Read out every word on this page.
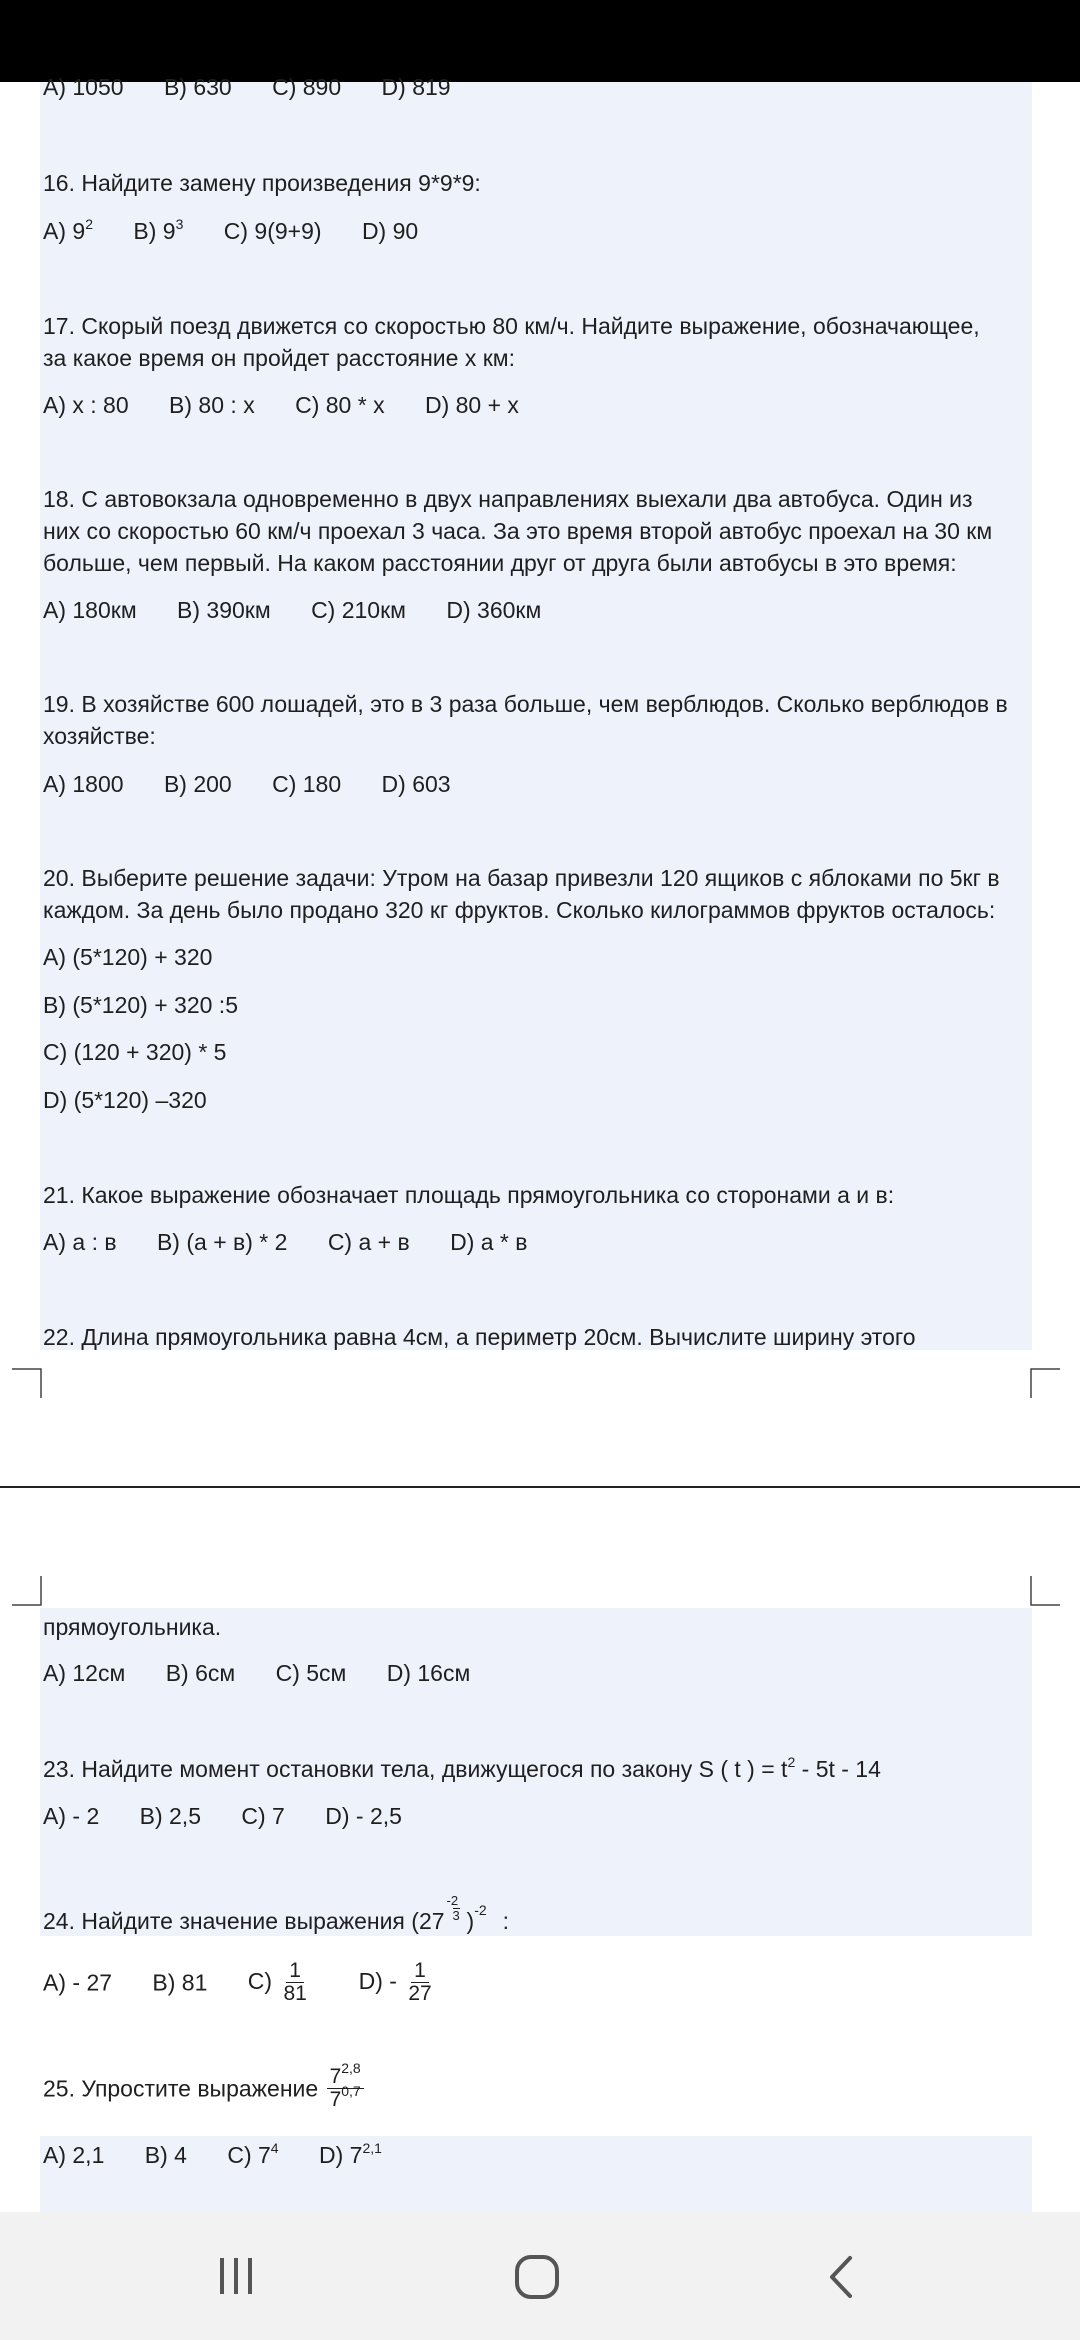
A) 1050 B) 630 C) 890 D) 819
16. Найдите замену произведения 9*9*9:
A) $9^2$ B) $9^3$ C) 9(9+9) D) 90
17. Скорый поезд движется со скоростью 80 км/ч. Найдите выражение, обозначающее,
за какое время он пройдет расстояние х км:
A) х : 80 B) 80 : х C) 80 * х D) 80 + х
18. С автовокзала одновременно в двух направлениях выехали два автобуса. Один из
них со скоростью 60 км/ч проехал 3 часа. За это время второй автобус проехал на 30 км
больше, чем первый. На каком расстоянии друг от друга были автобусы в это время:
A) 180км B) 390км C) 210км D) 360км
19. В хозяйстве 600 лошадей, это в 3 раза больше, чем верблюдов. Сколько верблюдов в
хозяйстве:
A) 1800 B) 200 C) 180 D) 603
20. Выберите решение задачи: Утром на базар привезли 120 ящиков с яблоками по 5кг в
каждом. За день было продано 320 кг фруктов. Сколько килограммов фруктов осталось:
A) (5*120) + 320
B) (5*120) + 320 :5
C) (120 + 320) * 5
D) (5*120) –320
21. Какое выражение обозначает площадь прямоугольника со сторонами а и в:
A) а : в B) (а + в) * 2 C) а + в D) а * в
22. Длина прямоугольника равна 4см, а периметр 20см. Вычислите ширину этого
прямоугольника.
A) 12см B) 6см C) 5см D) 16см
23. Найдите момент остановки тела, движущегося по закону S ( t ) = $t^2 - 5t - 14$
A) - 2 B) 2,5 C) 7 D) - 2,5
24. Найдите значение выражения $(27 \frac{-2}{3} )^{-2}$ :
A) - 27 B) 81 $C) \frac{1}{81} D) - \frac{1}{27}$
25. Упростите выражение $\frac{7^{2,8}}{7^{0,7}}$
A) 2,1 B) 4 C) $7^4$ D) 7$^{2,1}$
